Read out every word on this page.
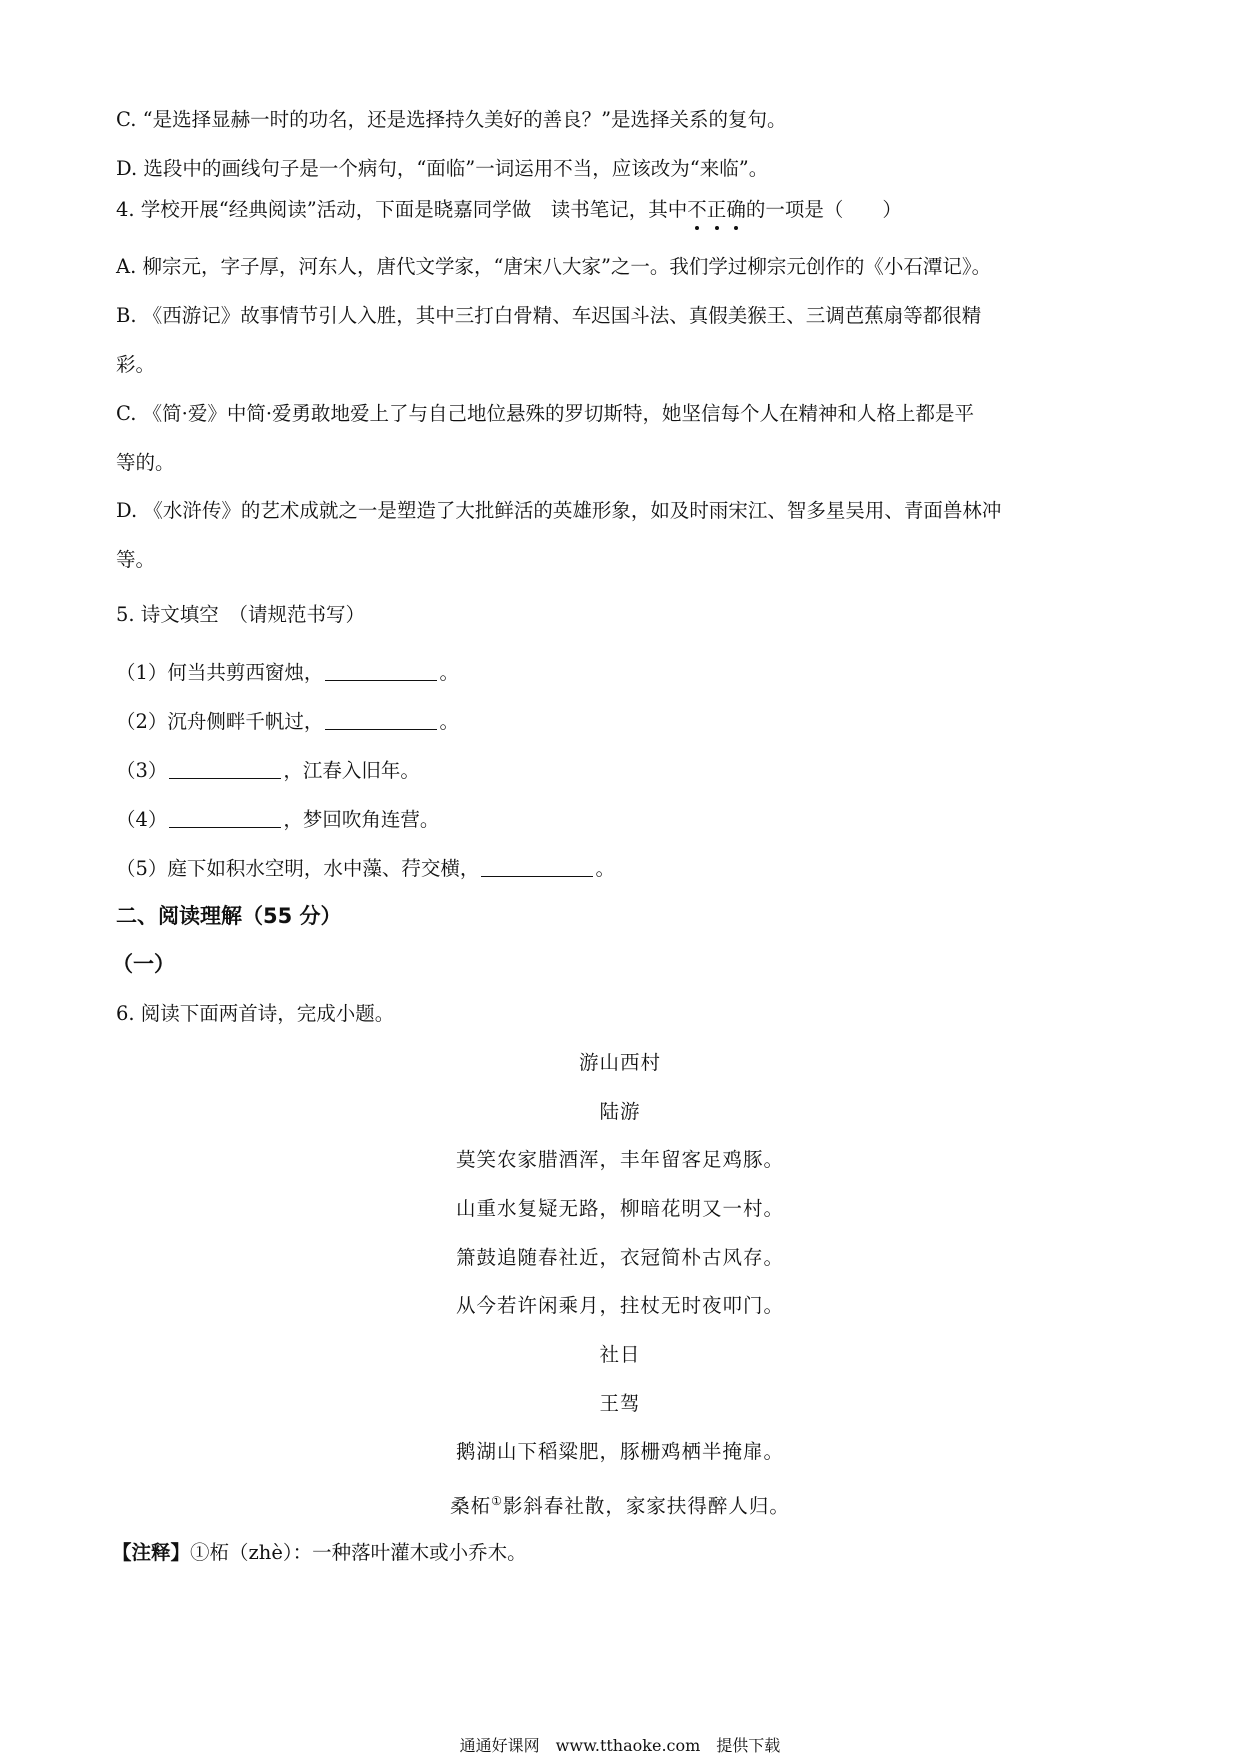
C. “是选择显赫一时的功名，还是选择持久美好的善良？”是选择关系的复句。
D. 选段中的画线句子是一个病句，“面临”一词运用不当，应该改为“来临”。
4. 学校开展“经典阅读”活动，下面是晓嘉同学做　 读书笔记，其中不正确的一项是（　　）
A. 柳宗元，字子厚，河东人，唐代文学家，“唐宋八大家”之一。我们学过柳宗元创作的《小石潭记》。
B. 《西游记》故事情节引人入胜，其中三打白骨精、车迟国斗法、真假美猴王、三调芭蕉扇等都很精
彩。
C. 《简·爱》中简·爱勇敢地爱上了与自己地位悬殊的罗切斯特，她坚信每个人在精神和人格上都是平
等的。
D. 《水浒传》的艺术成就之一是塑造了大批鲜活的英雄形象，如及时雨宋江、智多星吴用、青面兽林冲
等。
5. 诗文填空　（请规范书写）
（1）何当共剪西窗烛，	。
（2）沉舟侧畔千帆过，	。
（3）	，江春入旧年。
（4）	，梦回吹角连营。
（5）庭下如积水空明，水中藻、荇交横，	。
二、阅读理解（55 分）
（一）
6. 阅读下面两首诗，完成小题。
游山西村
陆游
莫笑农家腊酒浑，丰年留客足鸡豚。
山重水复疑无路，柳暗花明又一村。
箫鼓追随春社近，衣冠简朴古风存。
从今若许闲乘月，拄杖无时夜叩门。
社日
王驾
鹅湖山下稻粱肥，豚栅鸡栖半掩扉。
桑柘①影斜春社散，家家扶得醉人归。
【注释】①柘（zhè）：一种落叶灌木或小乔木。
通通好课网　www.tthaoke.com　提供下载
